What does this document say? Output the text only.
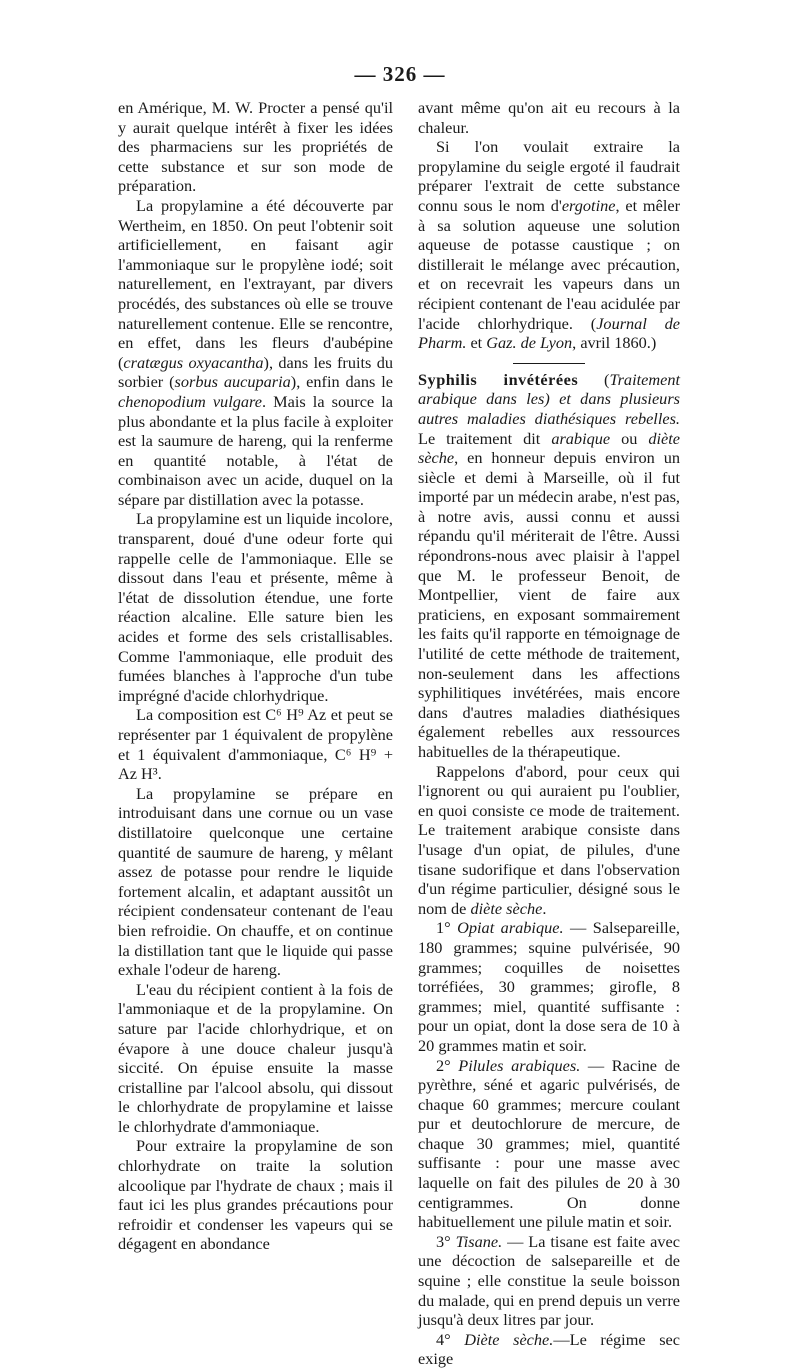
— 326 —

en Amérique, M. W. Procter a pensé qu'il y aurait quelque intérêt à fixer les idées des pharmaciens sur les propriétés de cette substance et sur son mode de préparation.

La propylamine a été découverte par Wertheim, en 1850. On peut l'obtenir soit artificiellement, en faisant agir l'ammoniaque sur le propylène iodé; soit naturellement, en l'extrayant, par divers procédés, des substances où elle se trouve naturellement contenue. Elle se rencontre, en effet, dans les fleurs d'aubépine (cratægus oxyacantha), dans les fruits du sorbier (sorbus aucuparia), enfin dans le chenopodium vulgare. Mais la source la plus abondante et la plus facile à exploiter est la saumure de hareng, qui la renferme en quantité notable, à l'état de combinaison avec un acide, duquel on la sépare par distillation avec la potasse.

La propylamine est un liquide incolore, transparent, doué d'une odeur forte qui rappelle celle de l'ammoniaque. Elle se dissout dans l'eau et présente, même à l'état de dissolution étendue, une forte réaction alcaline. Elle sature bien les acides et forme des sels cristallisables. Comme l'ammoniaque, elle produit des fumées blanches à l'approche d'un tube imprégné d'acide chlorhydrique.

La composition est C⁶ H⁹ Az et peut se représenter par 1 équivalent de propylène et 1 équivalent d'ammoniaque, C⁶ H⁹ + Az H³.

La propylamine se prépare en introduisant dans une cornue ou un vase distillatoire quelconque une certaine quantité de saumure de hareng, y mêlant assez de potasse pour rendre le liquide fortement alcalin, et adaptant aussitôt un récipient condensateur contenant de l'eau bien refroidie. On chauffe, et on continue la distillation tant que le liquide qui passe exhale l'odeur de hareng.

L'eau du récipient contient à la fois de l'ammoniaque et de la propylamine. On sature par l'acide chlorhydrique, et on évapore à une douce chaleur jusqu'à siccité. On épuise ensuite la masse cristalline par l'alcool absolu, qui dissout le chlorhydrate de propylamine et laisse le chlorhydrate d'ammoniaque.

Pour extraire la propylamine de son chlorhydrate on traite la solution alcoolique par l'hydrate de chaux ; mais il faut ici les plus grandes précautions pour refroidir et condenser les vapeurs qui se dégagent en abondance

avant même qu'on ait eu recours à la chaleur.

Si l'on voulait extraire la propylamine du seigle ergoté il faudrait préparer l'extrait de cette substance connu sous le nom d'ergotine, et mêler à sa solution aqueuse une solution aqueuse de potasse caustique ; on distillerait le mélange avec précaution, et on recevrait les vapeurs dans un récipient contenant de l'eau acidulée par l'acide chlorhydrique. (Journal de Pharm. et Gaz. de Lyon, avril 1860.)

Syphilis invétérées (Traitement arabique dans les) et dans plusieurs autres maladies diathésiques rebelles. Le traitement dit arabique ou diète sèche, en honneur depuis environ un siècle et demi à Marseille, où il fut importé par un médecin arabe, n'est pas, à notre avis, aussi connu et aussi répandu qu'il mériterait de l'être. Aussi répondrons-nous avec plaisir à l'appel que M. le professeur Benoit, de Montpellier, vient de faire aux praticiens, en exposant sommairement les faits qu'il rapporte en témoignage de l'utilité de cette méthode de traitement, non-seulement dans les affections syphilitiques invétérées, mais encore dans d'autres maladies diathésiques également rebelles aux ressources habituelles de la thérapeutique.

Rappelons d'abord, pour ceux qui l'ignorent ou qui auraient pu l'oublier, en quoi consiste ce mode de traitement. Le traitement arabique consiste dans l'usage d'un opiat, de pilules, d'une tisane sudorifique et dans l'observation d'un régime particulier, désigné sous le nom de diète sèche.

1° Opiat arabique. — Salsepareille, 180 grammes; squine pulvérisée, 90 grammes; coquilles de noisettes torréfiées, 30 grammes; girofle, 8 grammes; miel, quantité suffisante : pour un opiat, dont la dose sera de 10 à 20 grammes matin et soir.

2° Pilules arabiques. — Racine de pyrèthre, séné et agaric pulvérisés, de chaque 60 grammes; mercure coulant pur et deutochlorure de mercure, de chaque 30 grammes; miel, quantité suffisante : pour une masse avec laquelle on fait des pilules de 20 à 30 centigrammes. On donne habituellement une pilule matin et soir.

3° Tisane. — La tisane est faite avec une décoction de salsepareille et de squine ; elle constitue la seule boisson du malade, qui en prend depuis un verre jusqu'à deux litres par jour.

4° Diète sèche.—Le régime sec exige
